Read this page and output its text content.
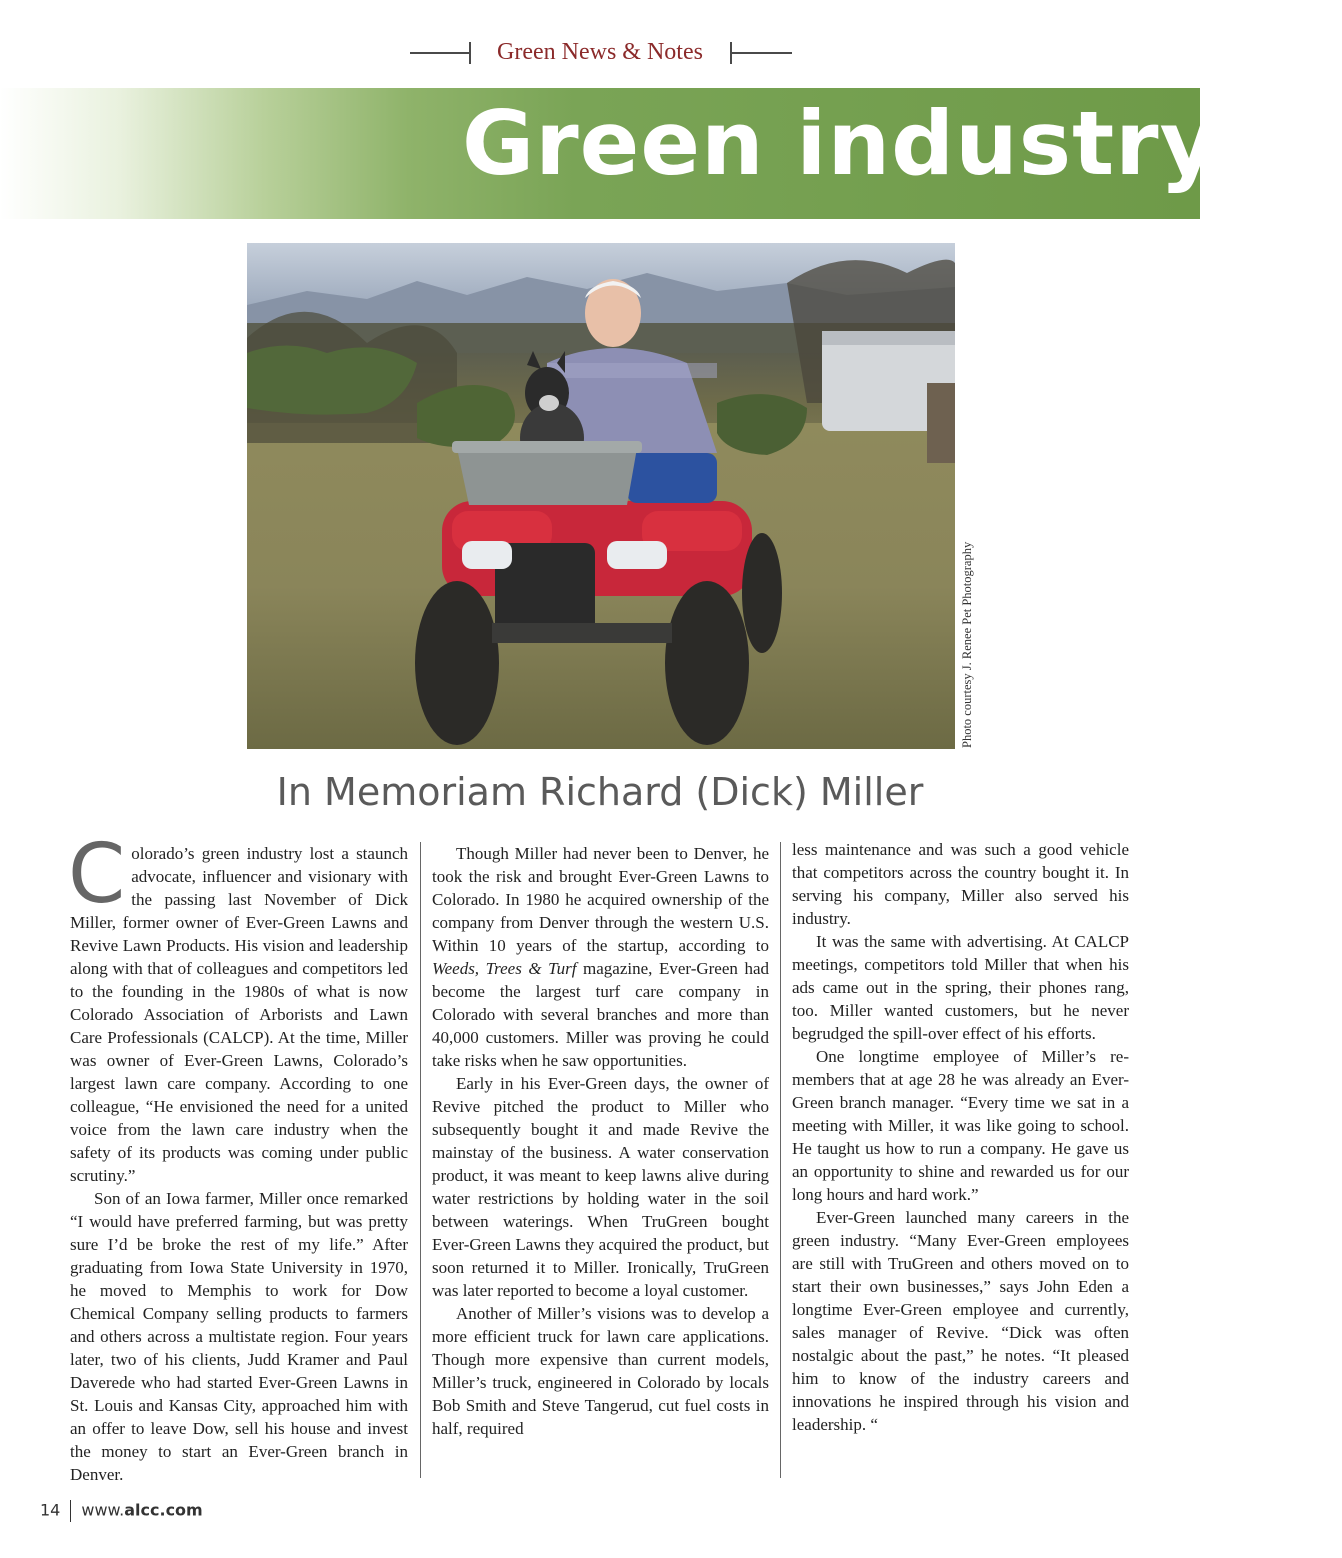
Green News & Notes
Green industry lo
Photo courtesy J. Renee Pet Photography
In Memoriam Richard (Dick) Miller

Colorado’s green industry lost a staunch advocate, influencer and visionary with the passing last November of Dick Miller, former owner of Ever-Green Lawns and Revive Lawn Products. His vision and leadership along with that of colleagues and competitors led to the founding in the 1980s of what is now Colorado Association of Arborists and Lawn Care Professionals (CALCP). At the time, Miller was owner of Ever-Green Lawns, Colorado’s largest lawn care company. According to one colleague, “He envisioned the need for a united voice from the lawn care industry when the safety of its products was coming under public scrutiny.”

Son of an Iowa farmer, Miller once remarked “I would have preferred farming, but was pretty sure I’d be broke the rest of my life.” After graduating from Iowa State University in 1970, he moved to Memphis to work for Dow Chemical Company selling products to farmers and others across a multistate region. Four years later, two of his clients, Judd Kramer and Paul Daverede who had started Ever-Green Lawns in St. Louis and Kansas City, approached him with an offer to leave Dow, sell his house and invest the money to start an Ever-Green branch in Denver.

Though Miller had never been to Denver, he took the risk and brought Ever-Green Lawns to Colorado. In 1980 he acquired ownership of the company from Denver through the western U.S. Within 10 years of the startup, according to Weeds, Trees & Turf magazine, Ever-Green had become the largest turf care company in Colorado with several branches and more than 40,000 customers. Miller was proving he could take risks when he saw opportunities.

Early in his Ever-Green days, the owner of Revive pitched the product to Miller who subsequently bought it and made Revive the mainstay of the business. A water conservation product, it was meant to keep lawns alive during water restrictions by holding water in the soil between waterings. When TruGreen bought Ever-Green Lawns they acquired the product, but soon returned it to Miller. Ironically, TruGreen was later reported to become a loyal customer.

Another of Miller’s visions was to develop a more efficient truck for lawn care applications. Though more expensive than current models, Miller’s truck, engineered in Colorado by locals Bob Smith and Steve Tangerud, cut fuel costs in half, required

less maintenance and was such a good vehicle that competitors across the country bought it. In serving his company, Miller also served his industry.

It was the same with advertising. At CALCP meetings, competitors told Miller that when his ads came out in the spring, their phones rang, too. Miller wanted customers, but he never begrudged the spill-over effect of his efforts.

One longtime employee of Miller’s remembers that at age 28 he was already an Ever-Green branch manager. “Every time we sat in a meeting with Miller, it was like going to school. He taught us how to run a company. He gave us an opportunity to shine and rewarded us for our long hours and hard work.”

Ever-Green launched many careers in the green industry. “Many Ever-Green employees are still with TruGreen and others moved on to start their own businesses,” says John Eden a longtime Ever-Green employee and currently, sales manager of Revive. “Dick was often nostalgic about the past,” he notes. “It pleased him to know of the industry careers and innovations he inspired through his vision and leadership. “

14 www.alcc.com
